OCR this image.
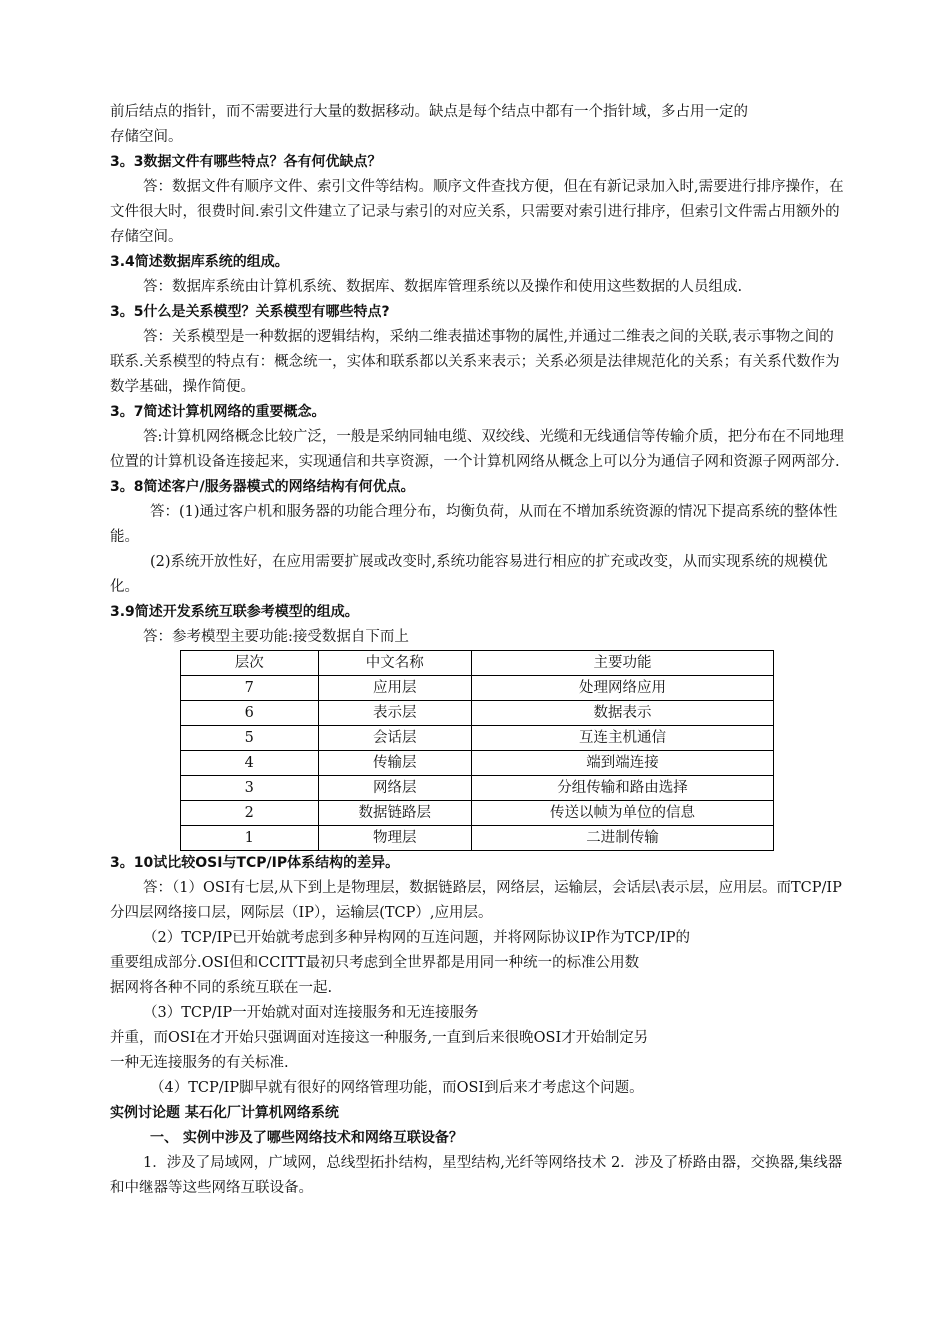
前后结点的指针，而不需要进行大量的数据移动。缺点是每个结点中都有一个指针域，多占用一定的

存储空间。

3。3数据文件有哪些特点？各有何优缺点？

答：数据文件有顺序文件、索引文件等结构。顺序文件查找方便，但在有新记录加入时,需要进行排序操作，在文件很大时，很费时间.索引文件建立了记录与索引的对应关系，只需要对索引进行排序，但索引文件需占用额外的存储空间。

3.4简述数据库系统的组成。

答：数据库系统由计算机系统、数据库、数据库管理系统以及操作和使用这些数据的人员组成.

3。5什么是关系模型？关系模型有哪些特点?

答：关系模型是一种数据的逻辑结构，采纳二维表描述事物的属性,并通过二维表之间的关联,表示事物之间的联系.关系模型的特点有：概念统一，实体和联系都以关系来表示；关系必须是法律规范化的关系；有关系代数作为数学基础，操作简便。

3。7简述计算机网络的重要概念。

答:计算机网络概念比较广泛，一般是采纳同轴电缆、双绞线、光缆和无线通信等传输介质，把分布在不同地理位置的计算机设备连接起来，实现通信和共享资源，一个计算机网络从概念上可以分为通信子网和资源子网两部分.

3。8简述客户/服务器模式的网络结构有何优点。

答：(1)通过客户机和服务器的功能合理分布，均衡负荷，从而在不增加系统资源的情况下提高系统的整体性能。

(2)系统开放性好，在应用需要扩展或改变时,系统功能容易进行相应的扩充或改变，从而实现系统的规模优化。

3.9简述开发系统互联参考模型的组成。

答：参考模型主要功能:接受数据自下而上

层次	中文名称	主要功能
7	应用层	处理网络应用
6	表示层	数据表示
5	会话层	互连主机通信
4	传输层	端到端连接
3	网络层	分组传输和路由选择
2	数据链路层	传送以帧为单位的信息
1	物理层	二进制传输

3。10试比较OSI与TCP/IP体系结构的差异。

答：（1）OSI有七层,从下到上是物理层，数据链路层，网络层，运输层，会话层\表示层，应用层。而TCP/IP分四层网络接口层，网际层（IP），运输层(TCP）,应用层。

（2）TCP/IP已开始就考虑到多种异构网的互连问题，并将网际协议IP作为TCP/IP的

重要组成部分.OSI但和CCITT最初只考虑到全世界都是用同一种统一的标准公用数

据网将各种不同的系统互联在一起.

（3）TCP/IP一开始就对面对连接服务和无连接服务

并重，而OSI在才开始只强调面对连接这一种服务,一直到后来很晚OSI才开始制定另

一种无连接服务的有关标准.

（4）TCP/IP脚早就有很好的网络管理功能，而OSI到后来才考虑这个问题。

实例讨论题 某石化厂计算机网络系统

一、 实例中涉及了哪些网络技术和网络互联设备？

1．涉及了局域网，广域网，总线型拓扑结构，星型结构,光纤等网络技术 2．涉及了桥路由器，交换器,集线器和中继器等这些网络互联设备。
